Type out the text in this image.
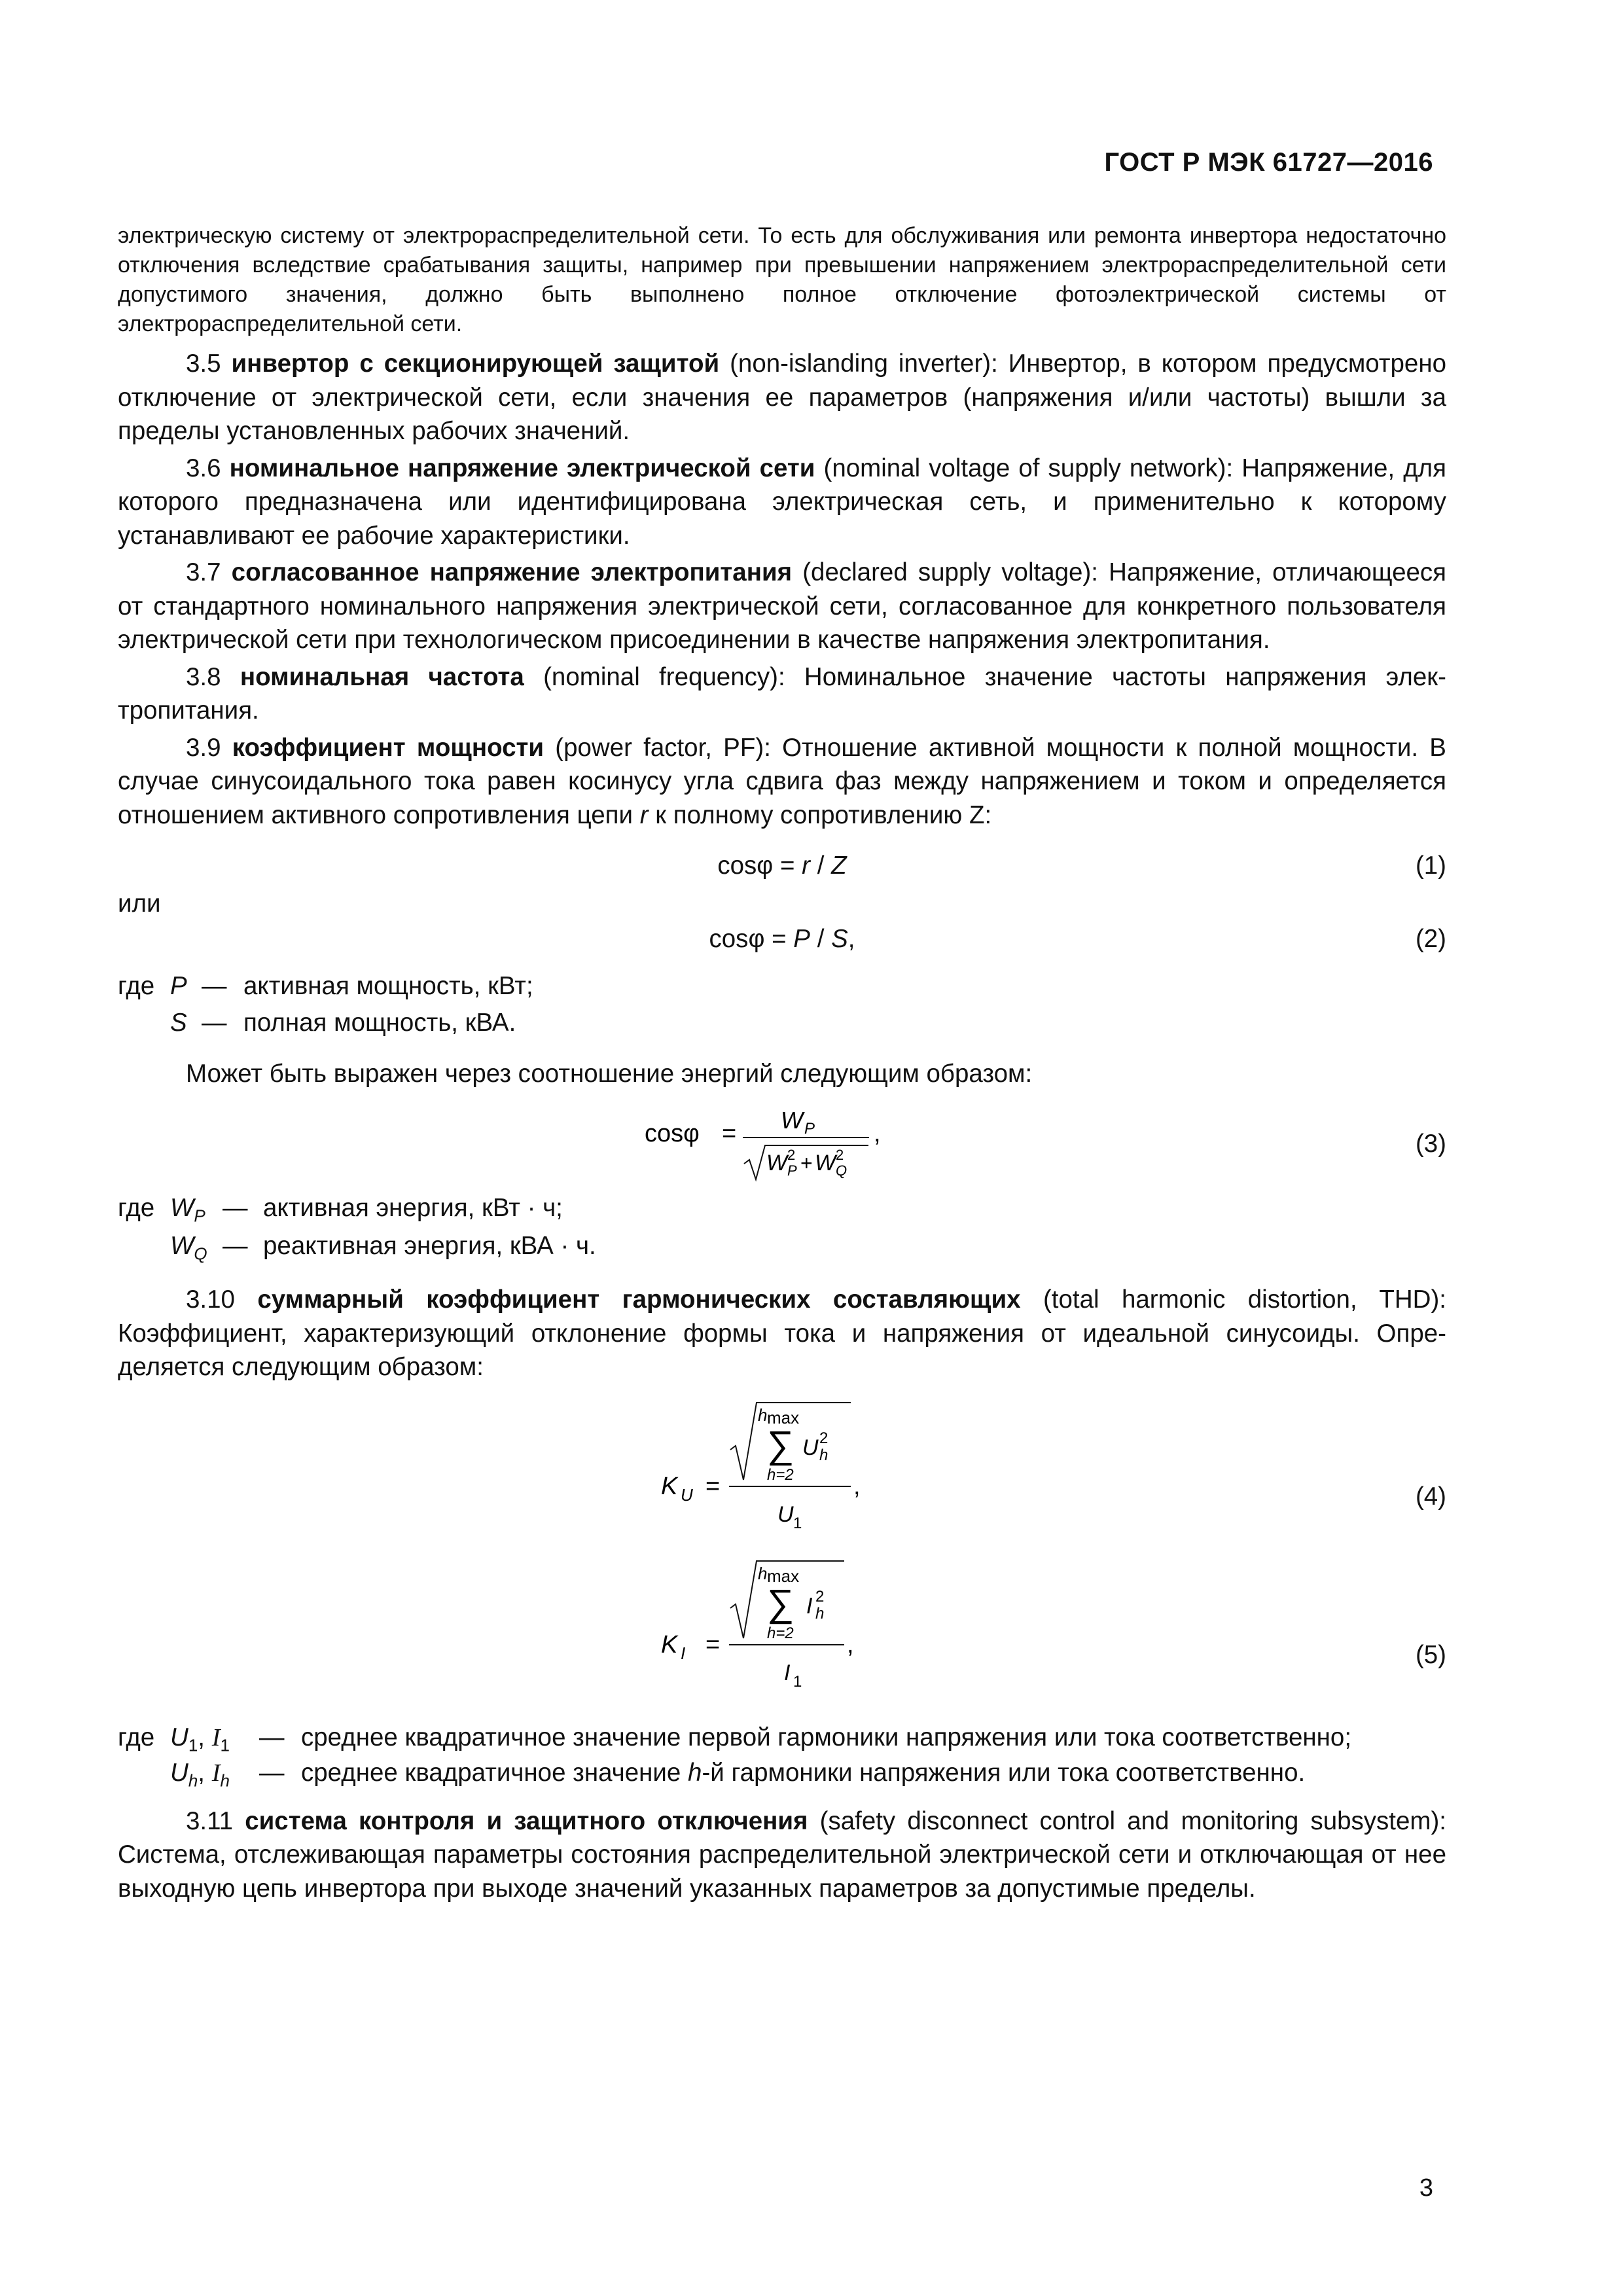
ГОСТ Р МЭК 61727—2016

электрическую систему от электрораспределительной сети. То есть для обслуживания или ремонта инвертора недостаточно отключения вследствие срабатывания защиты, например при превышении напряжением электрораспределительной сети допустимого значения, должно быть выполнено полное отключение фотоэлектрической системы от электрораспределительной сети.

3.5 инвертор с секционирующей защитой (non-islanding inverter): Инвертор, в котором предусмотрено отключение от электрической сети, если значения ее параметров (напряжения и/или частоты) вышли за пределы установленных рабочих значений.

3.6 номинальное напряжение электрической сети (nominal voltage of supply network): Напряжение, для которого предназначена или идентифицирована электрическая сеть, и применительно к которому устанавливают ее рабочие характеристики.

3.7 согласованное напряжение электропитания (declared supply voltage): Напряжение, отличающееся от стандартного номинального напряжения электрической сети, согласованное для конкретного пользователя электрической сети при технологическом присоединении в качестве напряжения электропитания.

3.8 номинальная частота (nominal frequency): Номинальное значение частоты напряжения электропитания.

3.9 коэффициент мощности (power factor, PF): Отношение активной мощности к полной мощности. В случае синусоидального тока равен косинусу угла сдвига фаз между напряжением и током и определяется отношением активного сопротивления цепи r к полному сопротивлению Z:

cosφ = r / Z	(1)

или

cosφ = P / S,	(2)
где P — активная мощность, кВт;
S — полная мощность, кВА.

Может быть выражен через соотношение энергий следующим образом:

cosφ = W P
W 2
P + W 2
Q
,	(3)
где $W_P$ — активная энергия, кВт · ч;
$W_Q$ — реактивная энергия, кВА · ч.

3.10 суммарный коэффициент гармонических составляющих (total harmonic distortion, THD): Коэффициент, характеризующий отклонение формы тока и напряжения от идеальной синусоиды. Определяется следующим образом:

K U =
h max
∑
h=2
U 2
h
U 1
,	(4)
K I =
h max
∑
h=2
I 2
h
I 1
,	(5)
где $U_1$, $I_1$ — среднее квадратичное значение первой гармоники напряжения или тока соответственно;
$U_h$, $I_h$ — среднее квадратичное значение h-й гармоники напряжения или тока соответственно.

3.11 система контроля и защитного отключения (safety disconnect control and monitoring subsystem): Система, отслеживающая параметры состояния распределительной электрической сети и отключающая от нее выходную цепь инвертора при выходе значений указанных параметров за допустимые пределы.

3
